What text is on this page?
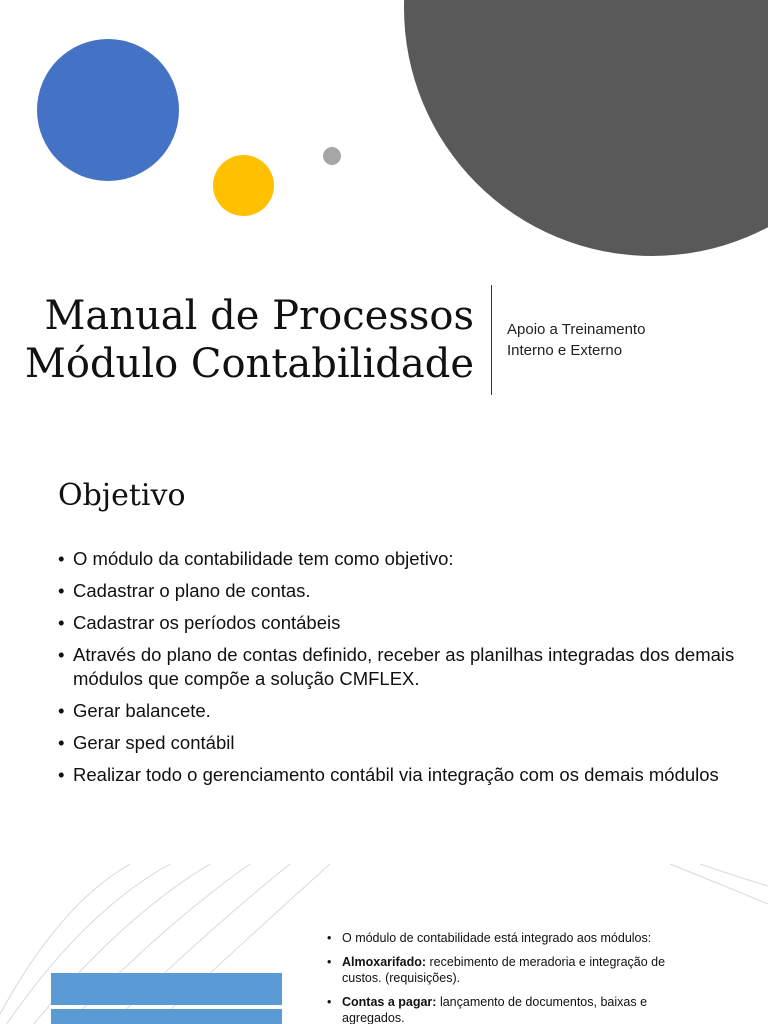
Manual de Processos
Módulo Contabilidade
Apoio a Treinamento
Interno e Externo
Objetivo
• O módulo da contabilidade tem como objetivo:
• Cadastrar o plano de contas.
• Cadastrar os períodos contábeis
• Através do plano de contas definido, receber as planilhas integradas dos demais módulos que compõe a solução CMFLEX.
• Gerar balancete.
• Gerar sped contábil
• Realizar todo o gerenciamento contábil via integração com os demais módulos
• O módulo de contabilidade está integrado aos módulos:
• Almoxarifado: recebimento de meradoria e integração de custos. (requisições).
• Contas a pagar: lançamento de documentos, baixas e agregados.
